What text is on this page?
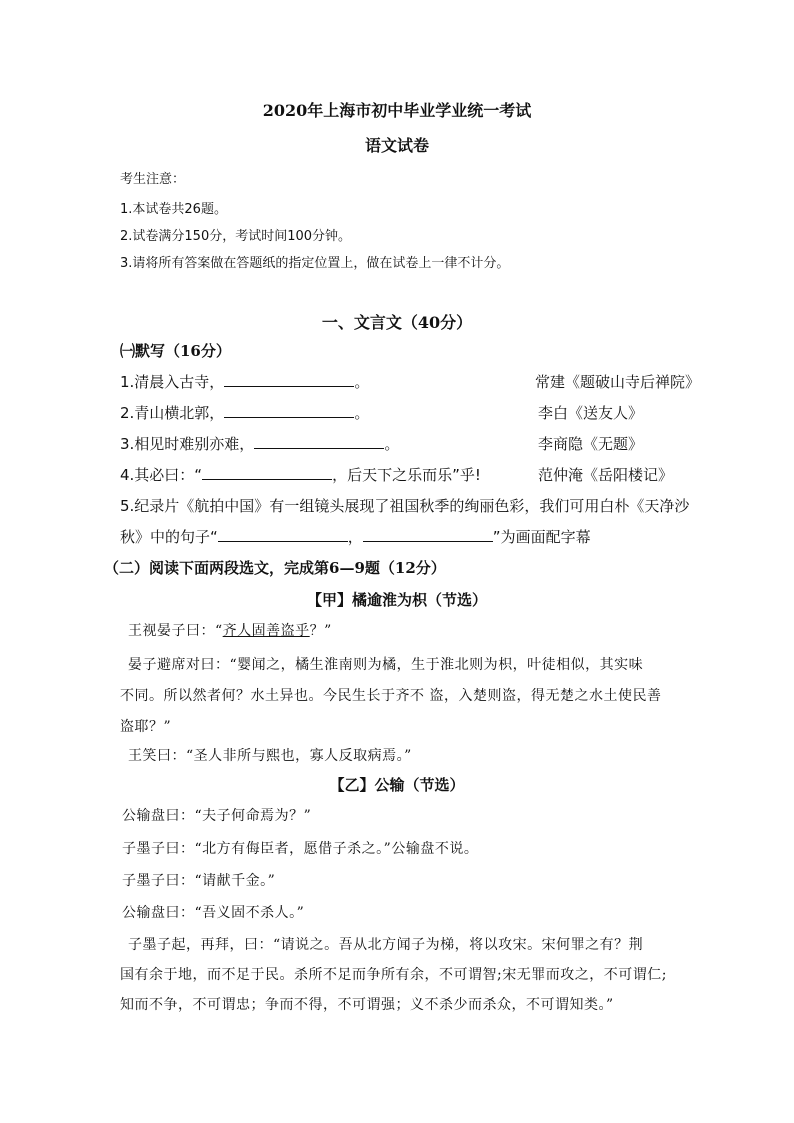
2020年上海市初中毕业学业统一考试
语文试卷
考生注意：
1.本试卷共26题。
2.试卷满分150分，考试时间100分钟。
3.请将所有答案做在答题纸的指定位置上，做在试卷上一律不计分。
一、文言文（40分）
㈠默写（16分）
1.清晨入古寺，	。	常建《题破山寺后禅院》
2.青山横北郭，	。	李白《送友人》
3.相见时难别亦难，	。	李商隐《无题》
4.其必曰：“	，后天下之乐而乐”乎!	范仲淹《岳阳楼记》
5.纪录片《航拍中国》有一组镜头展现了祖国秋季的绚丽色彩，我们可用白朴《天净沙
秋》中的句子“	，	”为画面配字幕
（二）阅读下面两段选文，完成第6—9题（12分）
【甲】橘逾淮为枳（节选）
王视晏子曰：“齐人固善盗乎？”
晏子避席对曰：“婴闻之，橘生淮南则为橘，生于淮北则为枳，叶徒相似，其实味
不同。所以然者何？水土异也。今民生长于齐不 盗，入楚则盗，得无楚之水土使民善
盗耶？”
王笑曰：“圣人非所与熙也，寡人反取病焉。”
【乙】公输（节选）
公输盘曰：“夫子何命焉为？”
子墨子曰：“北方有侮臣者，愿借子杀之。”公输盘不说。
子墨子曰：“请献千金。”
公输盘曰：“吾义固不杀人。”
子墨子起，再拜，曰：“请说之。吾从北方闻子为梯，将以攻宋。宋何罪之有？荆
国有余于地，而不足于民。杀所不足而争所有余，不可谓智;宋无罪而攻之，不可谓仁;
知而不争，不可谓忠；争而不得，不可谓强；义不杀少而杀众，不可谓知类。”
